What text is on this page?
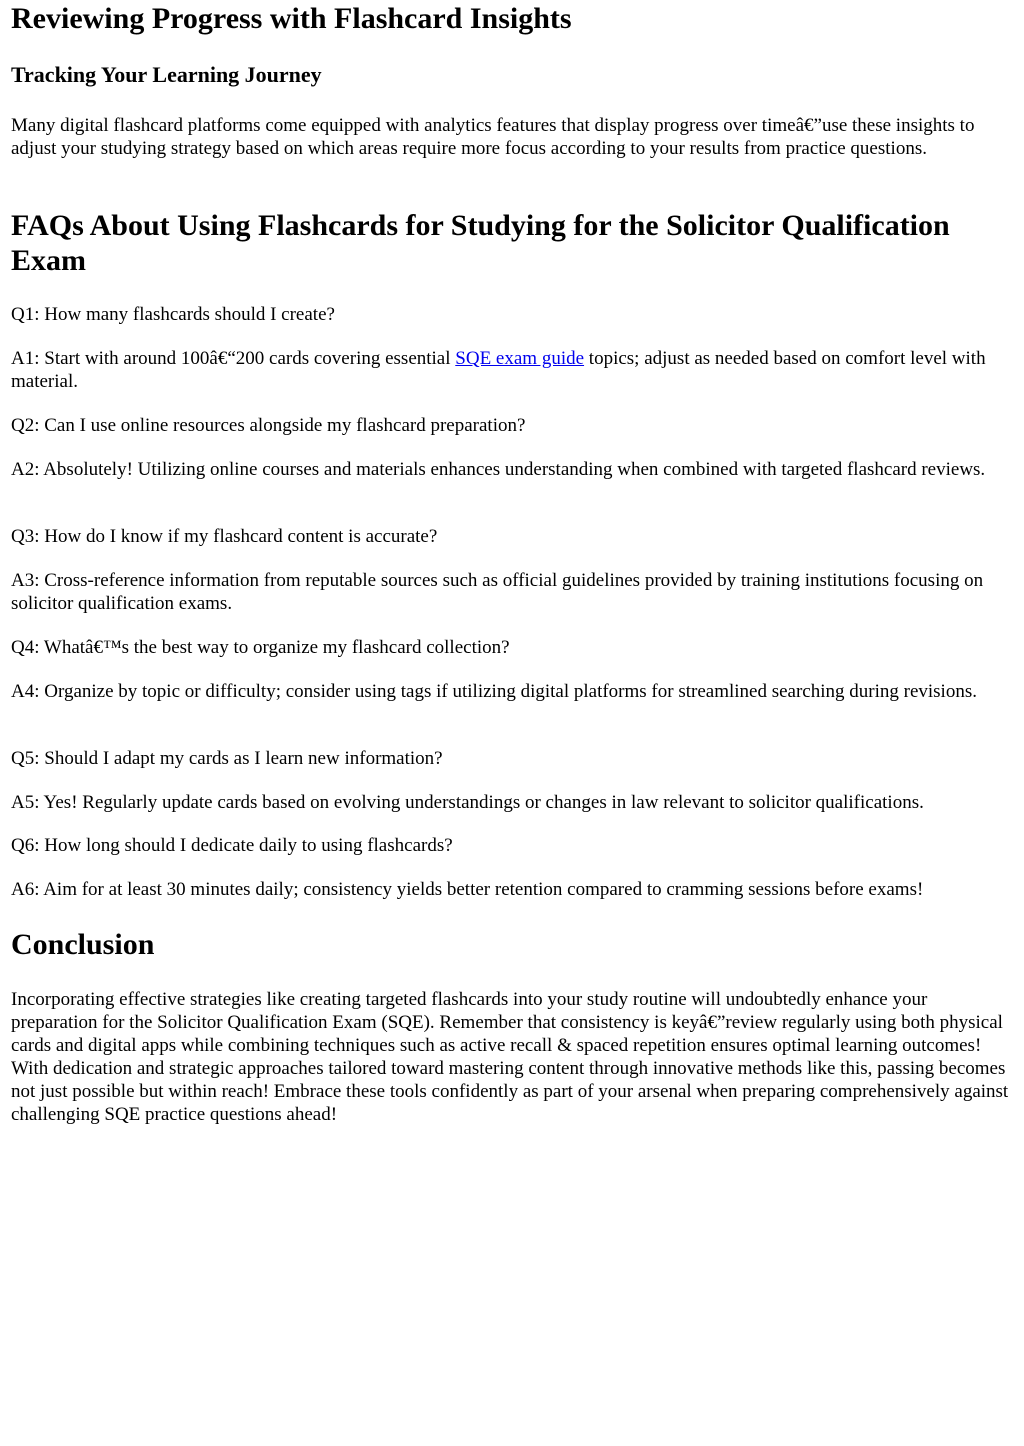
Reviewing Progress with Flashcard Insights
Tracking Your Learning Journey

Many digital flashcard platforms come equipped with analytics features that display progress over timeâ€”use these insights to adjust your studying strategy based on which areas require more focus according to your results from practice questions.

FAQs About Using Flashcards for Studying for the Solicitor Qualification Exam

Q1: How many flashcards should I create?

A1: Start with around 100â€“200 cards covering essential SQE exam guide topics; adjust as needed based on comfort level with material.

Q2: Can I use online resources alongside my flashcard preparation?

A2: Absolutely! Utilizing online courses and materials enhances understanding when combined with targeted flashcard reviews.

Q3: How do I know if my flashcard content is accurate?

A3: Cross-reference information from reputable sources such as official guidelines provided by training institutions focusing on solicitor qualification exams.

Q4: Whatâ€™s the best way to organize my flashcard collection?

A4: Organize by topic or difficulty; consider using tags if utilizing digital platforms for streamlined searching during revisions.

Q5: Should I adapt my cards as I learn new information?

A5: Yes! Regularly update cards based on evolving understandings or changes in law relevant to solicitor qualifications.

Q6: How long should I dedicate daily to using flashcards?

A6: Aim for at least 30 minutes daily; consistency yields better retention compared to cramming sessions before exams!

Conclusion

Incorporating effective strategies like creating targeted flashcards into your study routine will undoubtedly enhance your preparation for the Solicitor Qualification Exam (SQE). Remember that consistency is keyâ€”review regularly using both physical cards and digital apps while combining techniques such as active recall & spaced repetition ensures optimal learning outcomes! With dedication and strategic approaches tailored toward mastering content through innovative methods like this, passing becomes not just possible but within reach! Embrace these tools confidently as part of your arsenal when preparing comprehensively against challenging SQE practice questions ahead!
